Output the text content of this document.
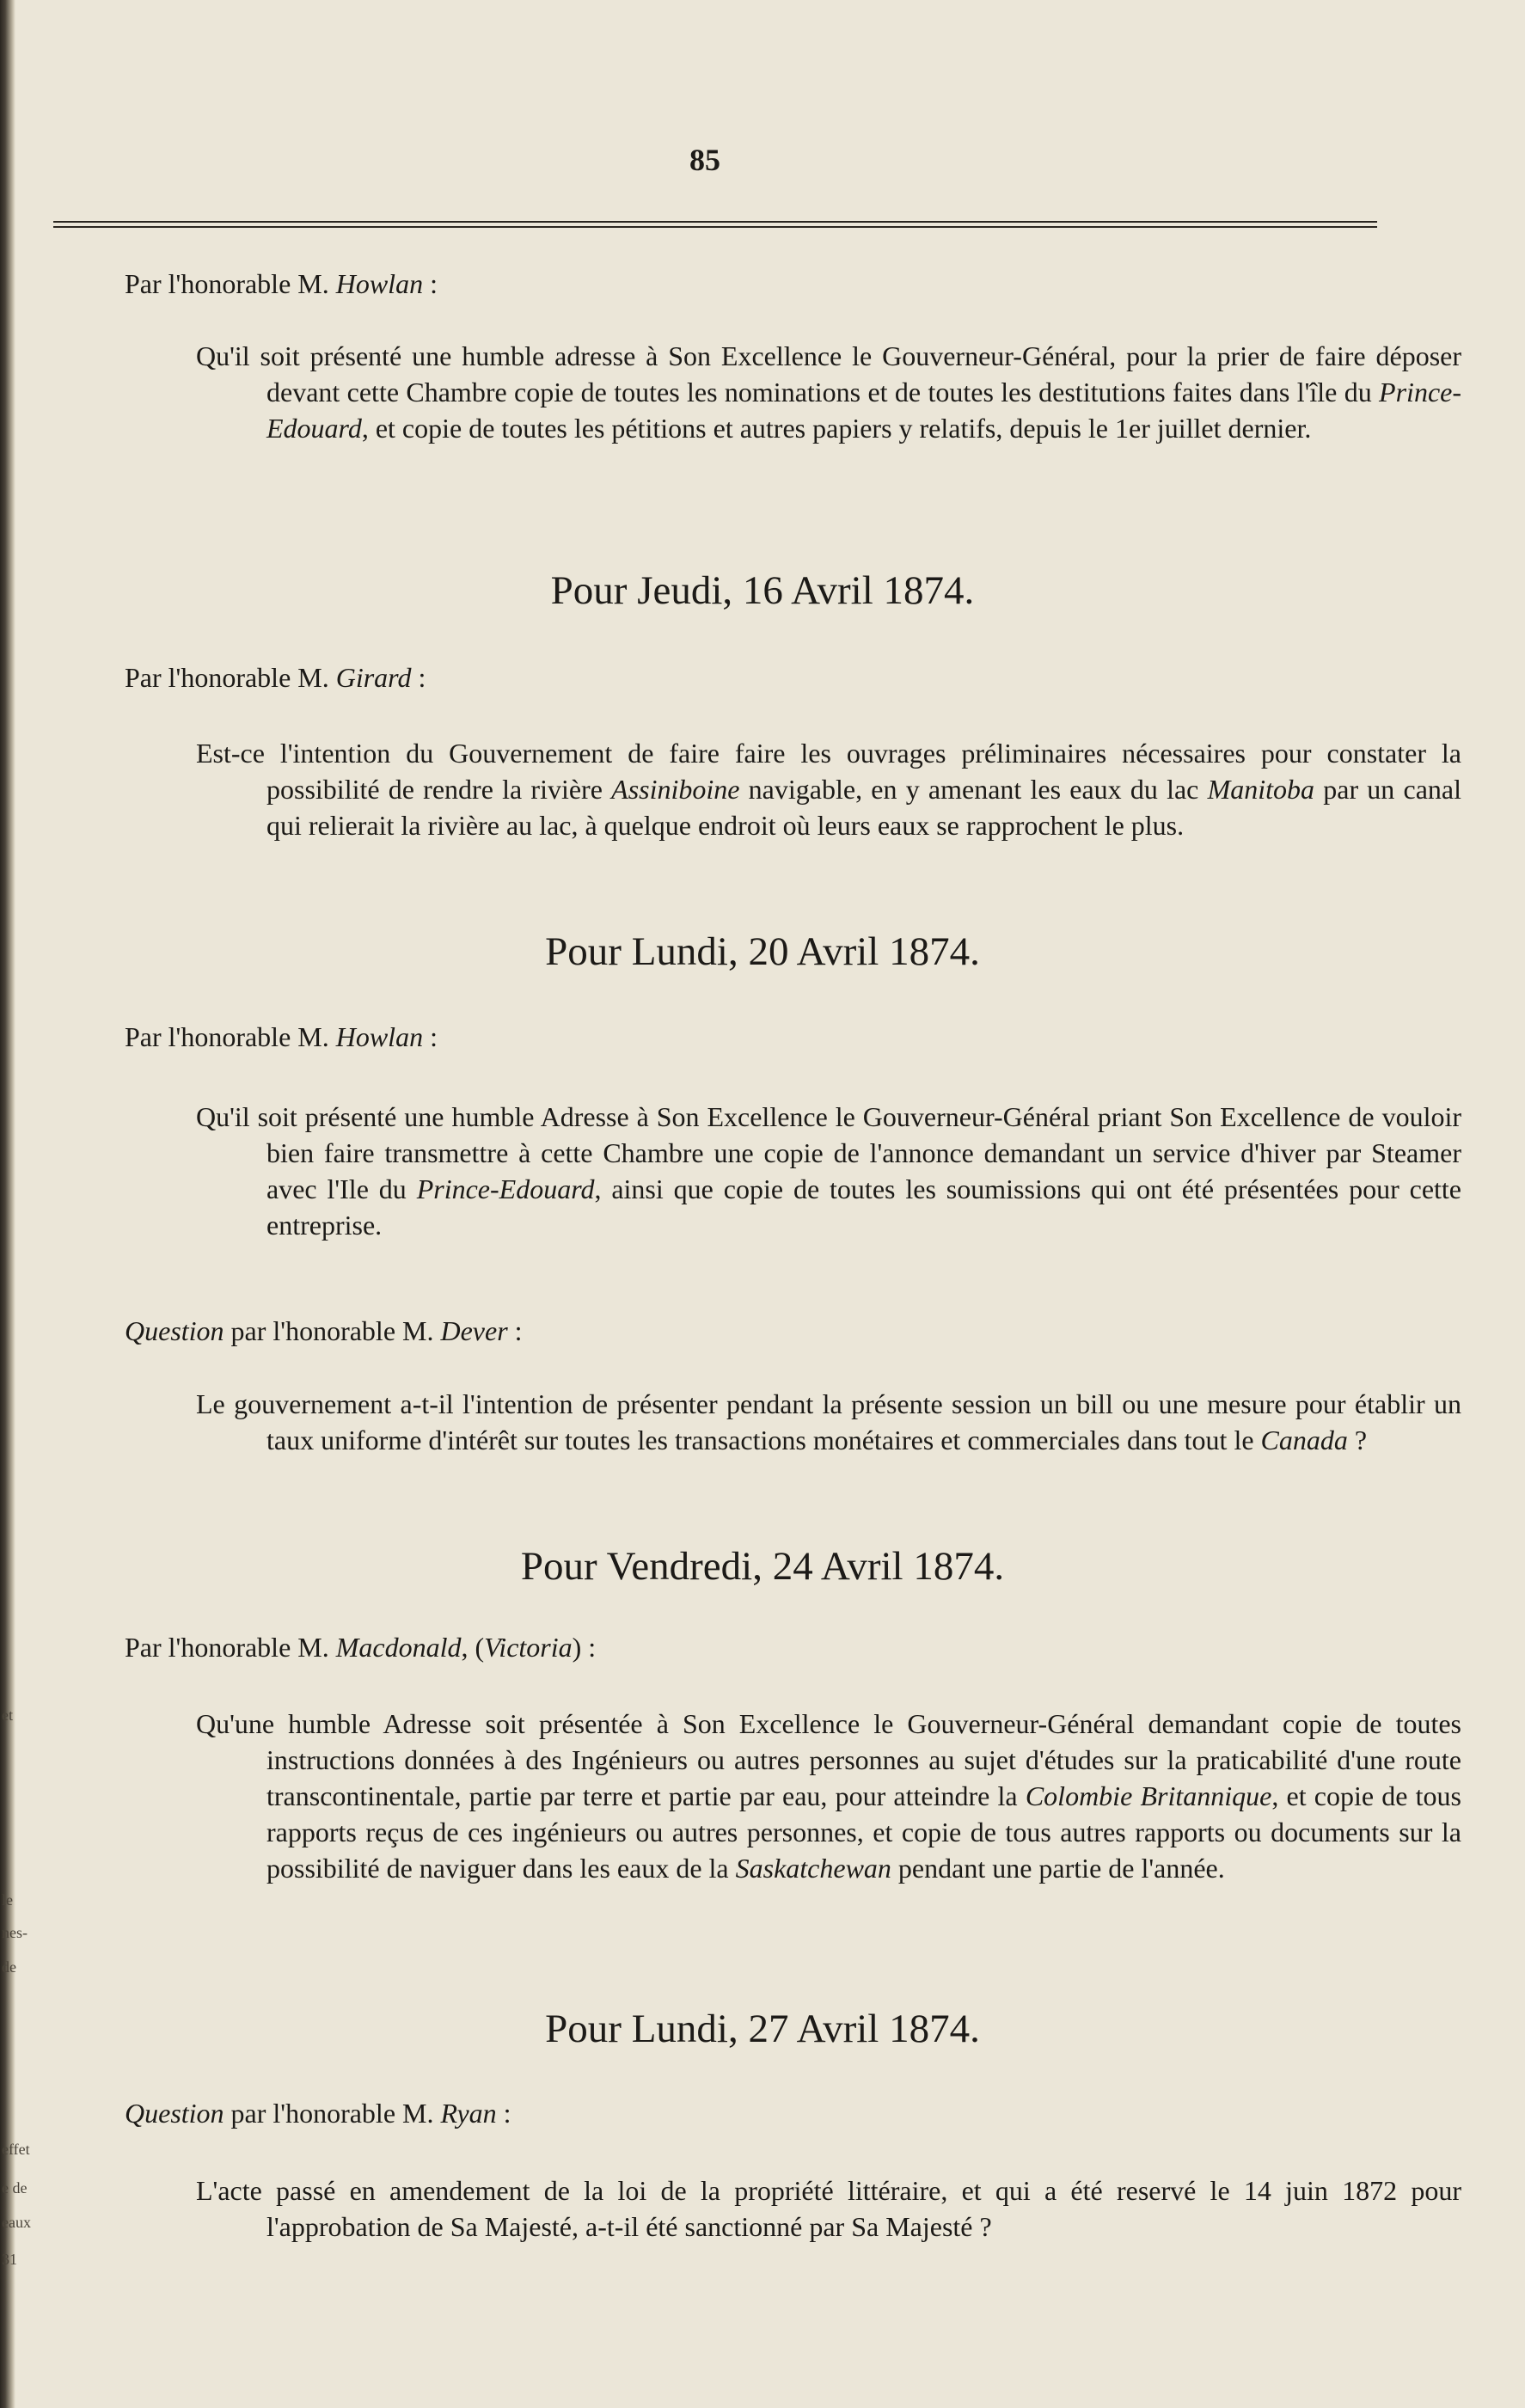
et
le
nes-
de
effet
e de
eaux
31
85
Par l'honorable M. Howlan :
Qu'il soit présenté une humble adresse à Son Excellence le Gouverneur-Général, pour la prier de faire déposer devant cette Chambre copie de toutes les nominations et de toutes les destitutions faites dans l'île du Prince-Edouard, et copie de toutes les pétitions et autres papiers y relatifs, depuis le 1er juillet dernier.
Pour Jeudi, 16 Avril 1874.
Par l'honorable M. Girard :
Est-ce l'intention du Gouvernement de faire faire les ouvrages préliminaires nécessaires pour constater la possibilité de rendre la rivière Assiniboine navigable, en y amenant les eaux du lac Manitoba par un canal qui relierait la rivière au lac, à quelque endroit où leurs eaux se rapprochent le plus.
Pour Lundi, 20 Avril 1874.
Par l'honorable M. Howlan :
Qu'il soit présenté une humble Adresse à Son Excellence le Gouverneur-Général priant Son Excellence de vouloir bien faire transmettre à cette Chambre une copie de l'annonce demandant un service d'hiver par Steamer avec l'Ile du Prince-Edouard, ainsi que copie de toutes les soumissions qui ont été présentées pour cette entreprise.
Question par l'honorable M. Dever :
Le gouvernement a-t-il l'intention de présenter pendant la présente session un bill ou une mesure pour établir un taux uniforme d'intérêt sur toutes les transactions monétaires et commerciales dans tout le Canada ?
Pour Vendredi, 24 Avril 1874.
Par l'honorable M. Macdonald, (Victoria) :
Qu'une humble Adresse soit présentée à Son Excellence le Gouverneur-Général demandant copie de toutes instructions données à des Ingénieurs ou autres personnes au sujet d'études sur la praticabilité d'une route transcontinentale, partie par terre et partie par eau, pour atteindre la Colombie Britannique, et copie de tous rapports reçus de ces ingénieurs ou autres personnes, et copie de tous autres rapports ou documents sur la possibilité de naviguer dans les eaux de la Saskatchewan pendant une partie de l'année.
Pour Lundi, 27 Avril 1874.
Question par l'honorable M. Ryan :
L'acte passé en amendement de la loi de la propriété littéraire, et qui a été reservé le 14 juin 1872 pour l'approbation de Sa Majesté, a-t-il été sanctionné par Sa Majesté ?
